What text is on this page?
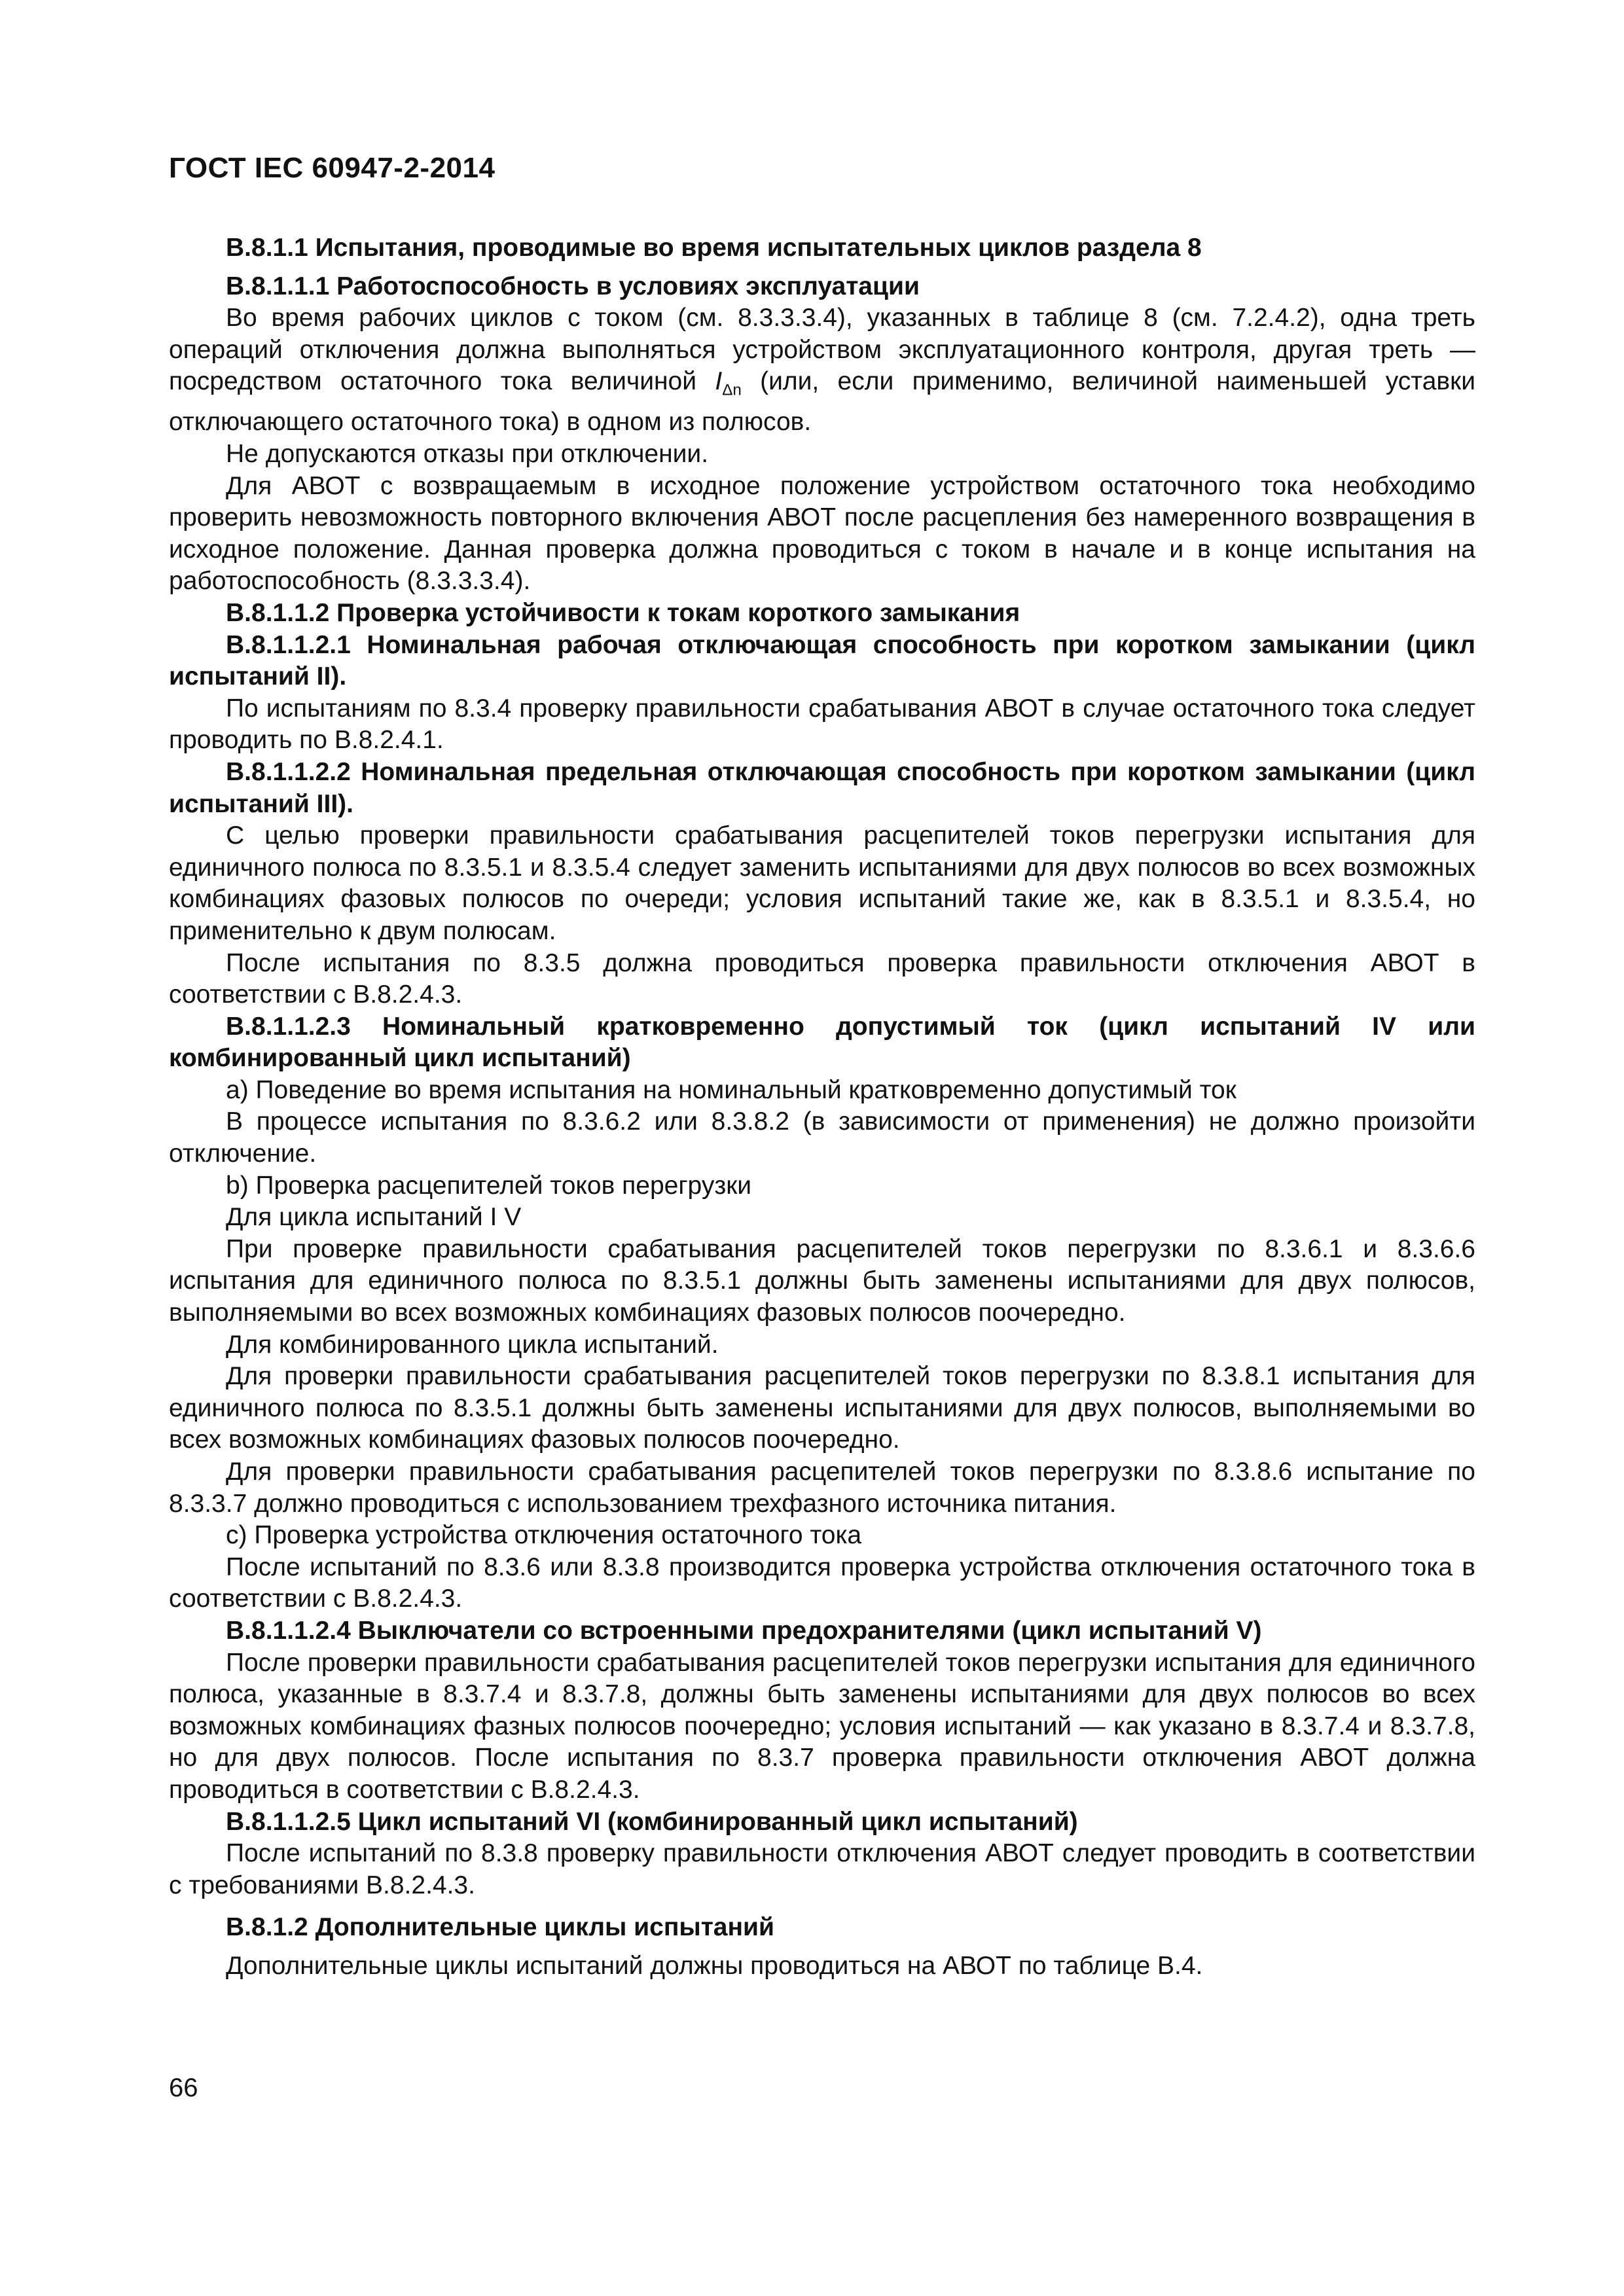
ГОСТ IEC 60947-2-2014

В.8.1.1 Испытания, проводимые во время испытательных циклов раздела 8

В.8.1.1.1 Работоспособность в условиях эксплуатации

Во время рабочих циклов с током (см. 8.3.3.3.4), указанных в таблице 8 (см. 7.2.4.2), одна треть операций отключения должна выполняться устройством эксплуатационного контроля, другая треть — посредством остаточного тока величиной $I_{\Delta n}$ (или, если применимо, величиной наименьшей уставки отключающего остаточного тока) в одном из полюсов.

Не допускаются отказы при отключении.

Для АВОТ с возвращаемым в исходное положение устройством остаточного тока необходимо проверить невозможность повторного включения АВОТ после расцепления без намеренного возвращения в исходное положение. Данная проверка должна проводиться с током в начале и в конце испытания на работоспособность (8.3.3.3.4).

В.8.1.1.2 Проверка устойчивости к токам короткого замыкания

В.8.1.1.2.1 Номинальная рабочая отключающая способность при коротком замыкании (цикл испытаний II).

По испытаниям по 8.3.4 проверку правильности срабатывания АВОТ в случае остаточного тока следует проводить по В.8.2.4.1.

В.8.1.1.2.2 Номинальная предельная отключающая способность при коротком замыкании (цикл испытаний III).

С целью проверки правильности срабатывания расцепителей токов перегрузки испытания для единичного полюса по 8.3.5.1 и 8.3.5.4 следует заменить испытаниями для двух полюсов во всех возможных комбинациях фазовых полюсов по очереди; условия испытаний такие же, как в 8.3.5.1 и 8.3.5.4, но применительно к двум полюсам.

После испытания по 8.3.5 должна проводиться проверка правильности отключения АВОТ в соответствии с В.8.2.4.3.

В.8.1.1.2.3 Номинальный кратковременно допустимый ток (цикл испытаний IV или комбинированный цикл испытаний)

а) Поведение во время испытания на номинальный кратковременно допустимый ток

В процессе испытания по 8.3.6.2 или 8.3.8.2 (в зависимости от применения) не должно произойти отключение.

b) Проверка расцепителей токов перегрузки

Для цикла испытаний I V

При проверке правильности срабатывания расцепителей токов перегрузки по 8.3.6.1 и 8.3.6.6 испытания для единичного полюса по 8.3.5.1 должны быть заменены испытаниями для двух полюсов, выполняемыми во всех возможных комбинациях фазовых полюсов поочередно.

Для комбинированного цикла испытаний.

Для проверки правильности срабатывания расцепителей токов перегрузки по 8.3.8.1 испытания для единичного полюса по 8.3.5.1 должны быть заменены испытаниями для двух полюсов, выполняемыми во всех возможных комбинациях фазовых полюсов поочередно.

Для проверки правильности срабатывания расцепителей токов перегрузки по 8.3.8.6 испытание по 8.3.3.7 должно проводиться с использованием трехфазного источника питания.

с) Проверка устройства отключения остаточного тока

После испытаний по 8.3.6 или 8.3.8 производится проверка устройства отключения остаточного тока в соответствии с В.8.2.4.3.

В.8.1.1.2.4 Выключатели со встроенными предохранителями (цикл испытаний V)

После проверки правильности срабатывания расцепителей токов перегрузки испытания для единичного полюса, указанные в 8.3.7.4 и 8.3.7.8, должны быть заменены испытаниями для двух полюсов во всех возможных комбинациях фазных полюсов поочередно; условия испытаний — как указано в 8.3.7.4 и 8.3.7.8, но для двух полюсов. После испытания по 8.3.7 проверка правильности отключения АВОТ должна проводиться в соответствии с В.8.2.4.3.

В.8.1.1.2.5 Цикл испытаний VI (комбинированный цикл испытаний)

После испытаний по 8.3.8 проверку правильности отключения АВОТ следует проводить в соответствии с требованиями В.8.2.4.3.

В.8.1.2 Дополнительные циклы испытаний

Дополнительные циклы испытаний должны проводиться на АВОТ по таблице В.4.

66
